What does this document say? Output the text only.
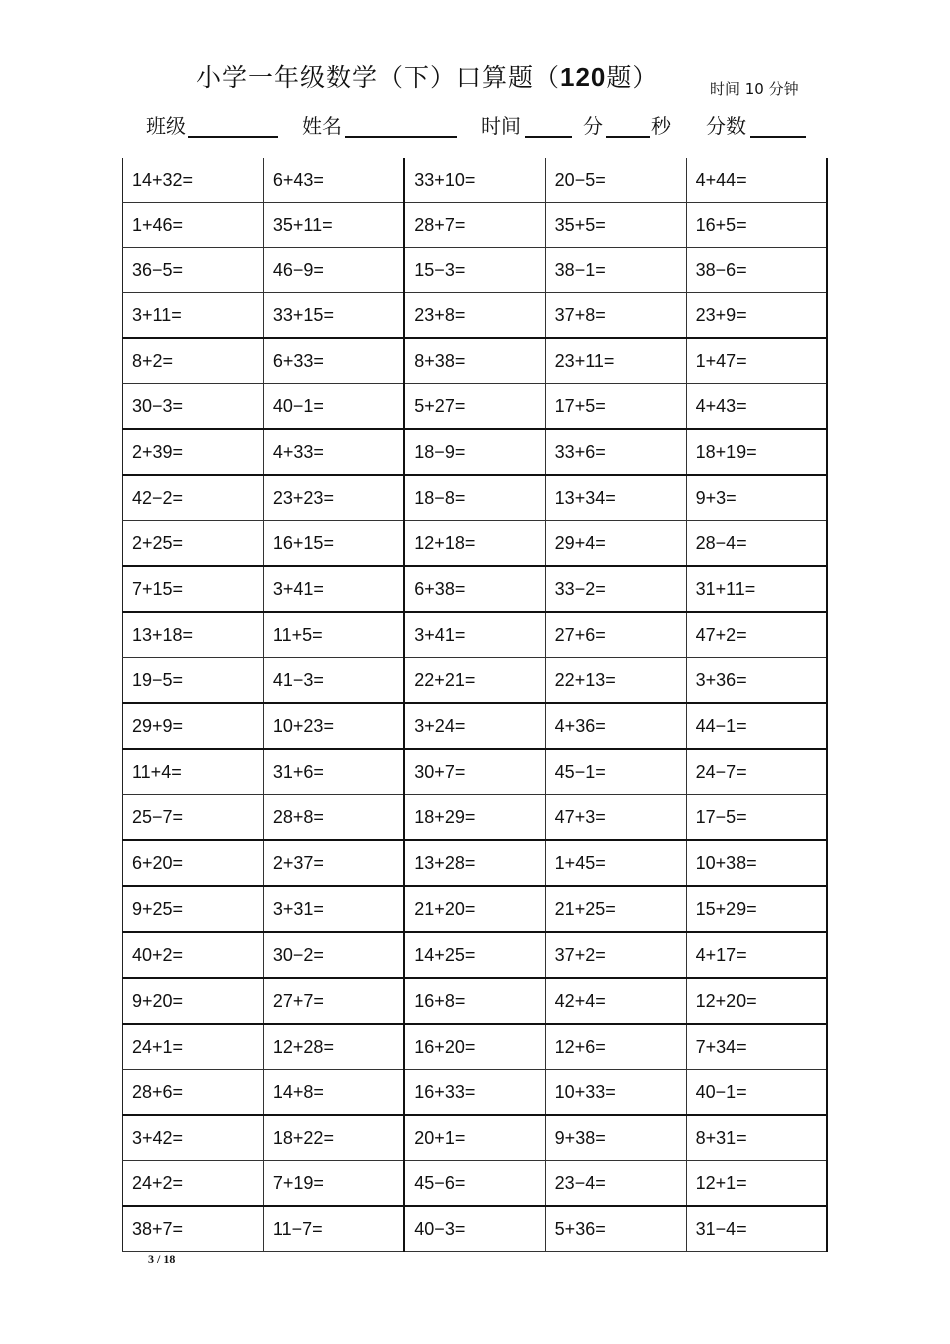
小学一年级数学（下）口算题（120题）	时间 10 分钟
班级	姓名	时间	分 秒 分数
14+32=	6+43=	33+10=	20−5=	4+44=
1+46=	35+11=	28+7=	35+5=	16+5=
36−5=	46−9=	15−3=	38−1=	38−6=
3+11=	33+15=	23+8=	37+8=	23+9=
8+2=	6+33=	8+38=	23+11=	1+47=
30−3=	40−1=	5+27=	17+5=	4+43=
2+39=	4+33=	18−9=	33+6=	18+19=
42−2=	23+23=	18−8=	13+34=	9+3=
2+25=	16+15=	12+18=	29+4=	28−4=
7+15=	3+41=	6+38=	33−2=	31+11=
13+18=	11+5=	3+41=	27+6=	47+2=
19−5=	41−3=	22+21=	22+13=	3+36=
29+9=	10+23=	3+24=	4+36=	44−1=
11+4=	31+6=	30+7=	45−1=	24−7=
25−7=	28+8=	18+29=	47+3=	17−5=
6+20=	2+37=	13+28=	1+45=	10+38=
9+25=	3+31=	21+20=	21+25=	15+29=
40+2=	30−2=	14+25=	37+2=	4+17=
9+20=	27+7=	16+8=	42+4=	12+20=
24+1=	12+28=	16+20=	12+6=	7+34=
28+6=	14+8=	16+33=	10+33=	40−1=
3+42=	18+22=	20+1=	9+38=	8+31=
24+2=	7+19=	45−6=	23−4=	12+1=
38+7=	11−7=	40−3=	5+36=	31−4=
3 / 18
